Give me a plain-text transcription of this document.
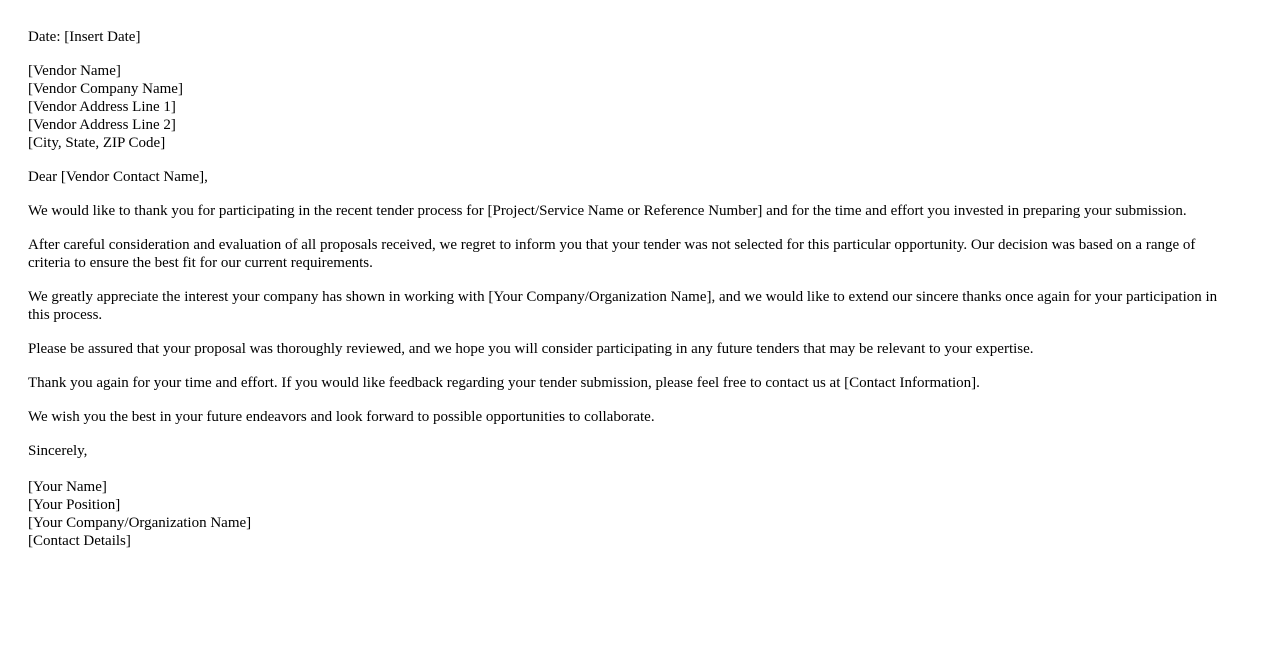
Date: [Insert Date]

[Vendor Name]
[Vendor Company Name]
[Vendor Address Line 1]
[Vendor Address Line 2]
[City, State, ZIP Code]

Dear [Vendor Contact Name],

We would like to thank you for participating in the recent tender process for [Project/Service Name or Reference Number] and for the time and effort you invested in preparing your submission.

After careful consideration and evaluation of all proposals received, we regret to inform you that your tender was not selected for this particular opportunity. Our decision was based on a range of criteria to ensure the best fit for our current requirements.

We greatly appreciate the interest your company has shown in working with [Your Company/Organization Name], and we would like to extend our sincere thanks once again for your participation in this process.

Please be assured that your proposal was thoroughly reviewed, and we hope you will consider participating in any future tenders that may be relevant to your expertise.

Thank you again for your time and effort. If you would like feedback regarding your tender submission, please feel free to contact us at [Contact Information].

We wish you the best in your future endeavors and look forward to possible opportunities to collaborate.

Sincerely,

[Your Name]
[Your Position]
[Your Company/Organization Name]
[Contact Details]
